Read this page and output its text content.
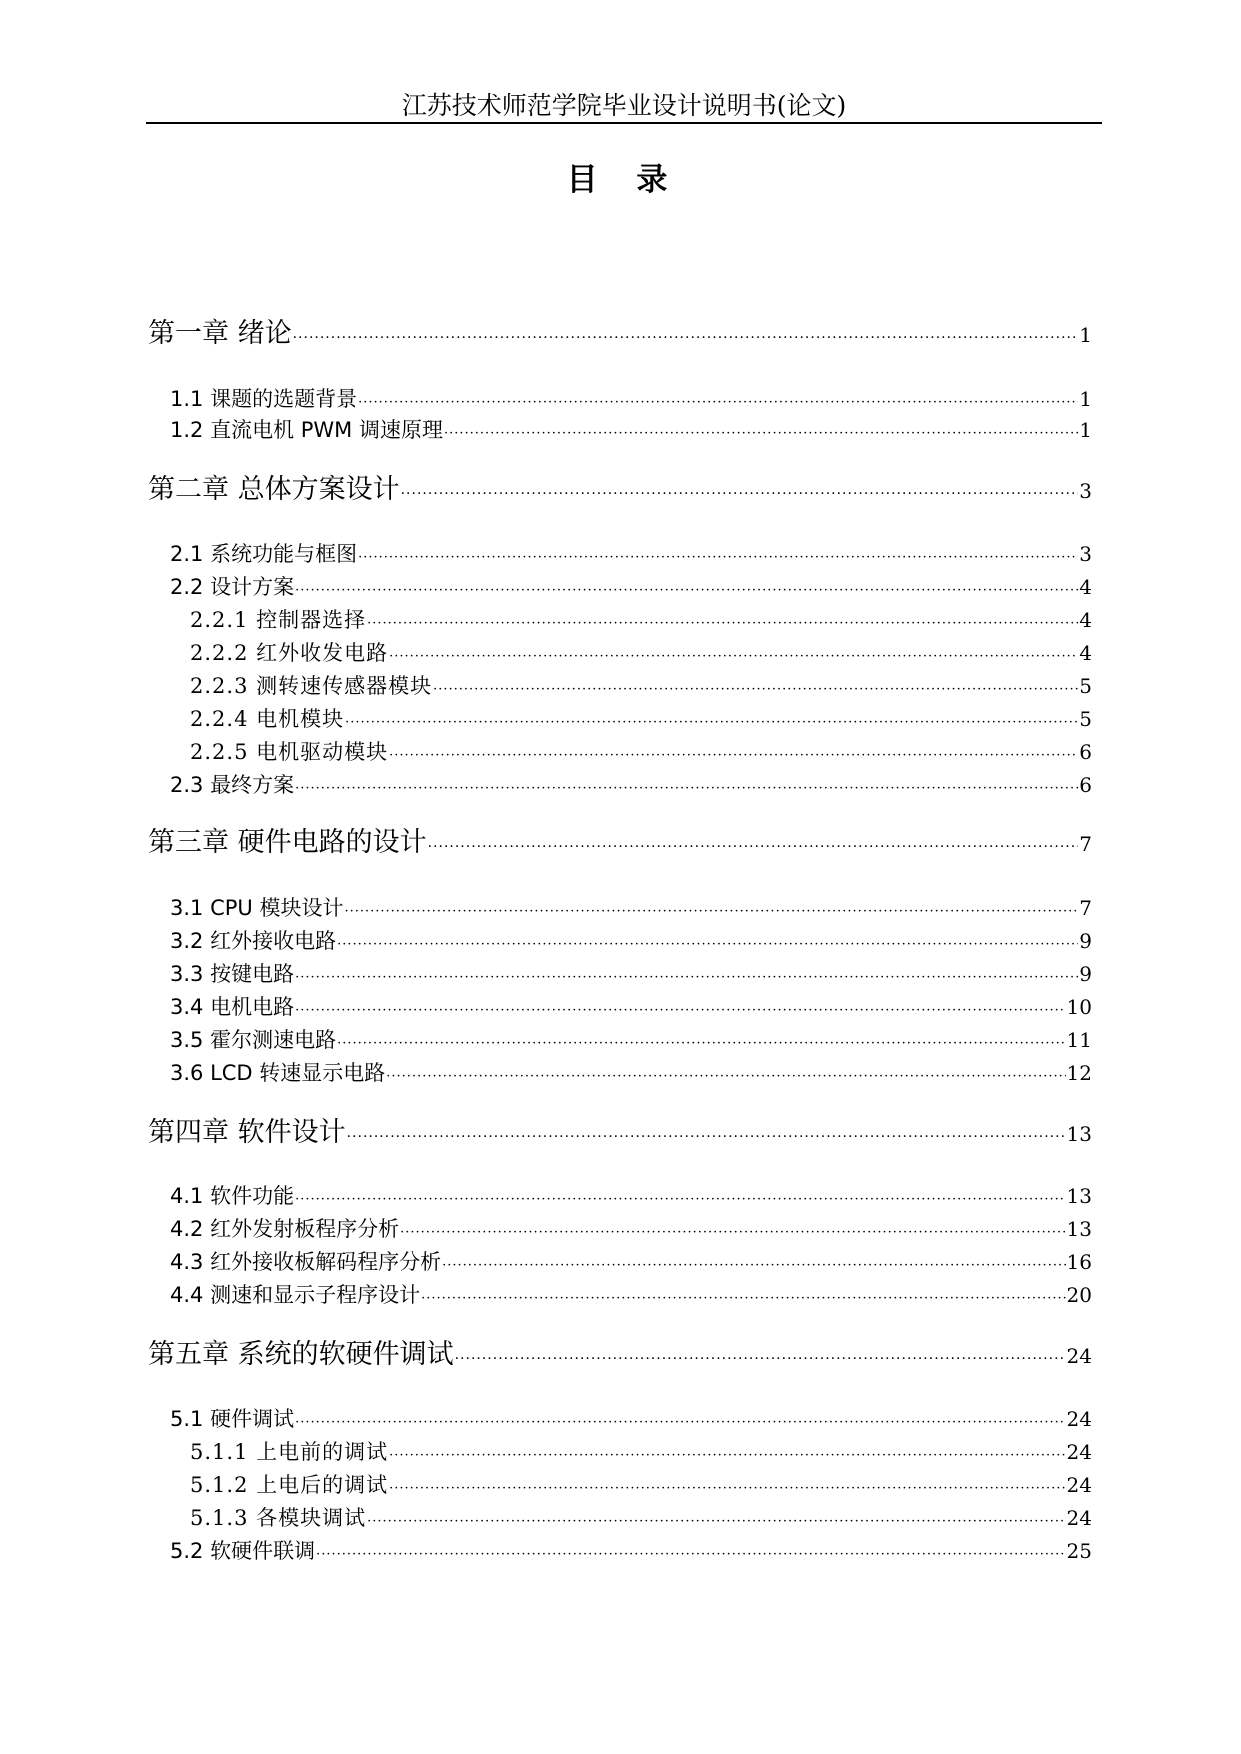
江苏技术师范学院毕业设计说明书(论文)
目 录
第一章 绪论 ·····	1
1.1 课题的选题背景 ·····	1
1.2 直流电机 PWM 调速原理 ·····	1
第二章 总体方案设计 ·····	3
2.1 系统功能与框图 ·····	3
2.2 设计方案 ·····	4
2.2.1 控制器选择 ·····	4
2.2.2 红外收发电路 ·····	4
2.2.3 测转速传感器模块 ·····	5
2.2.4 电机模块 ·····	5
2.2.5 电机驱动模块 ·····	6
2.3 最终方案 ·····	6
第三章 硬件电路的设计 ·····	7
3.1 CPU 模块设计 ·····	7
3.2 红外接收电路 ·····	9
3.3 按键电路 ·····	9
3.4 电机电路 ·····	10
3.5 霍尔测速电路 ·····	11
3.6 LCD 转速显示电路 ·····	12
第四章 软件设计 ·····	13
4.1 软件功能 ·····	13
4.2 红外发射板程序分析 ·····	13
4.3 红外接收板解码程序分析 ·····	16
4.4 测速和显示子程序设计 ·····	20
第五章 系统的软硬件调试 ·····	24
5.1 硬件调试 ·····	24
5.1.1 上电前的调试 ·····	24
5.1.2 上电后的调试 ·····	24
5.1.3 各模块调试 ·····	24
5.2 软硬件联调 ·····	25
